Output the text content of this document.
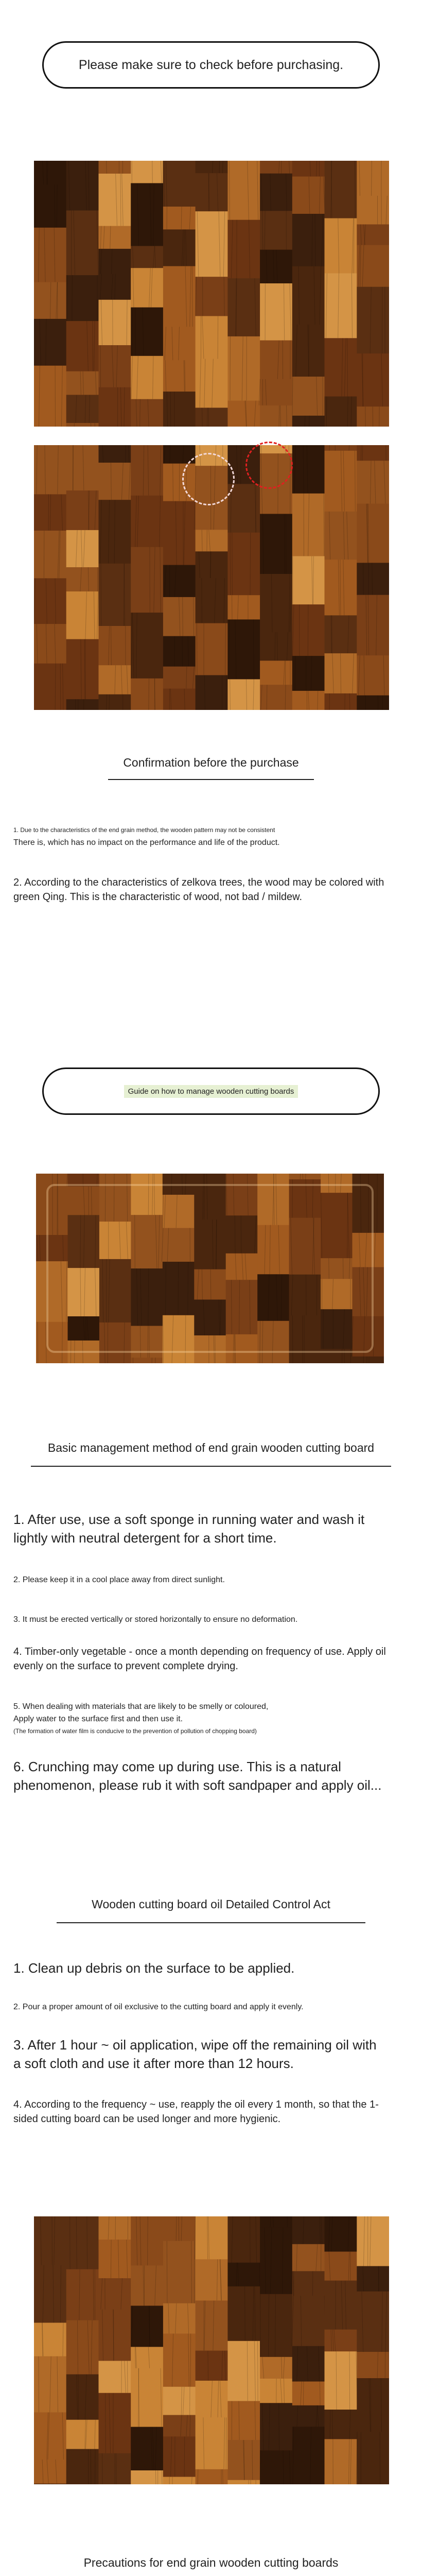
Please make sure to check before purchasing.
Confirmation before the purchase
1. Due to the characteristics of the end grain method, the wooden pattern may not be consistent
There is, which has no impact on the performance and life of the product.
2. According to the characteristics of zelkova trees, the wood may be colored with green Qing. This is the characteristic of wood, not bad / mildew.
Guide on how to manage wooden cutting boards
Basic management method of end grain wooden cutting board
1. After use, use a soft sponge in running water and wash it lightly with neutral detergent for a short time.
2. Please keep it in a cool place away from direct sunlight.
3. It must be erected vertically or stored horizontally to ensure no deformation.
4. Timber-only vegetable - once a month depending on frequency of use. Apply oil evenly on the surface to prevent complete drying.
5. When dealing with materials that are likely to be smelly or coloured,
Apply water to the surface first and then use it.
(The formation of water film is conducive to the prevention of pollution of chopping board)
6. Crunching may come up during use. This is a natural phenomenon, please rub it with soft sandpaper and apply oil...
Wooden cutting board oil Detailed Control Act
1. Clean up debris on the surface to be applied.
2. Pour a proper amount of oil exclusive to the cutting board and apply it evenly.
3. After 1 hour ~ oil application, wipe off the remaining oil with a soft cloth and use it after more than 12 hours.
4. According to the frequency ~ use, reapply the oil every 1 month, so that the 1-sided cutting board can be used longer and more hygienic.
Precautions for end grain wooden cutting boards
